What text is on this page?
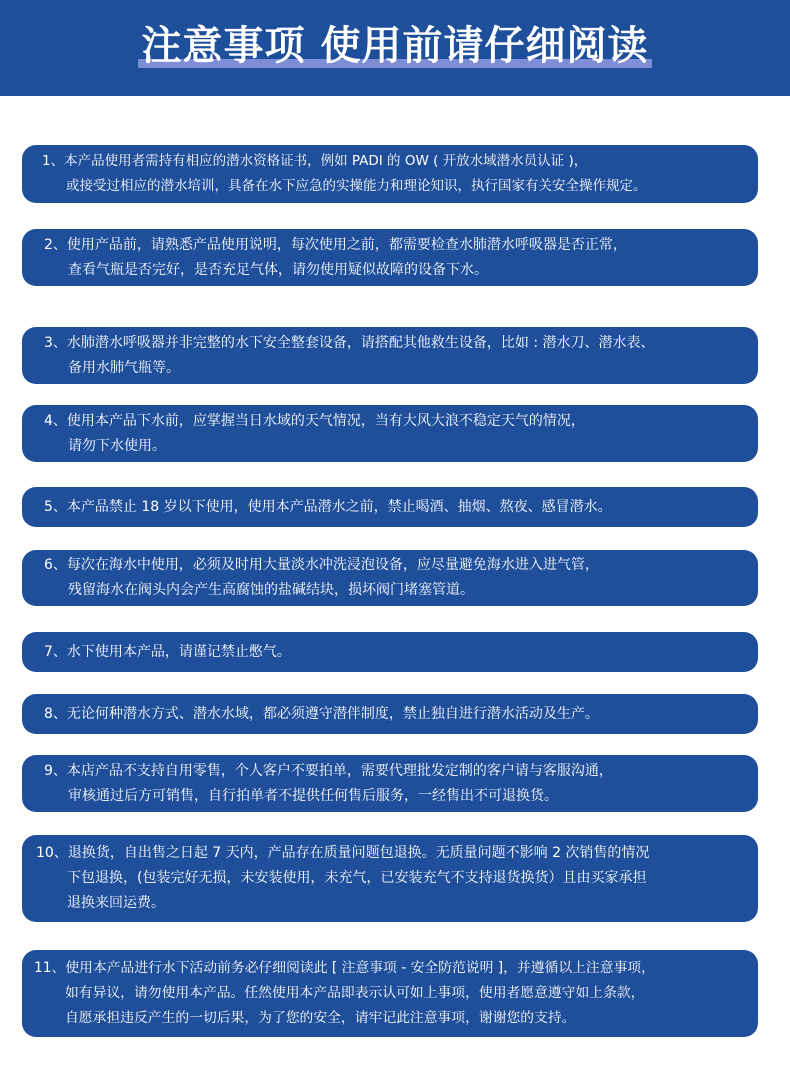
注意事项 使用前请仔细阅读
1、本产品使用者需持有相应的潜水资格证书，例如 PADI 的 OW ( 开放水域潜水员认证 )，
或接受过相应的潜水培训，具备在水下应急的实操能力和理论知识，执行国家有关安全操作规定。
2、使用产品前，请熟悉产品使用说明，每次使用之前，都需要检查水肺潜水呼吸器是否正常，
查看气瓶是否完好，是否充足气体，请勿使用疑似故障的设备下水。
3、水肺潜水呼吸器并非完整的水下安全整套设备，请搭配其他救生设备，比如 : 潜水刀、潜水表、
备用水肺气瓶等。
4、使用本产品下水前，应掌握当日水域的天气情况，当有大风大浪不稳定天气的情况，
请勿下水使用。
5、本产品禁止 18 岁以下使用，使用本产品潜水之前，禁止喝酒、抽烟、熬夜、感冒潜水。
6、每次在海水中使用，必须及时用大量淡水冲洗浸泡设备，应尽量避免海水进入进气管，
残留海水在阀头内会产生高腐蚀的盐碱结块，损坏阀门堵塞管道。
7、水下使用本产品，请谨记禁止憋气。
8、无论何种潜水方式、潜水水域，都必须遵守潜伴制度，禁止独自进行潜水活动及生产。
9、本店产品不支持自用零售，个人客户不要拍单，需要代理批发定制的客户请与客服沟通，
审核通过后方可销售，自行拍单者不提供任何售后服务，一经售出不可退换货。
10、退换货，自出售之日起 7 天内，产品存在质量问题包退换。无质量问题不影响 2 次销售的情况
下包退换，(包装完好无损，未安装使用，未充气，已安装充气不支持退货换货）且由买家承担
退换来回运费。
11、使用本产品进行水下活动前务必仔细阅读此 [ 注意事项 - 安全防范说明 ]，并遵循以上注意事项，
如有异议，请勿使用本产品。任然使用本产品即表示认可如上事项，使用者愿意遵守如上条款，
自愿承担违反产生的一切后果，为了您的安全，请牢记此注意事项，谢谢您的支持。
